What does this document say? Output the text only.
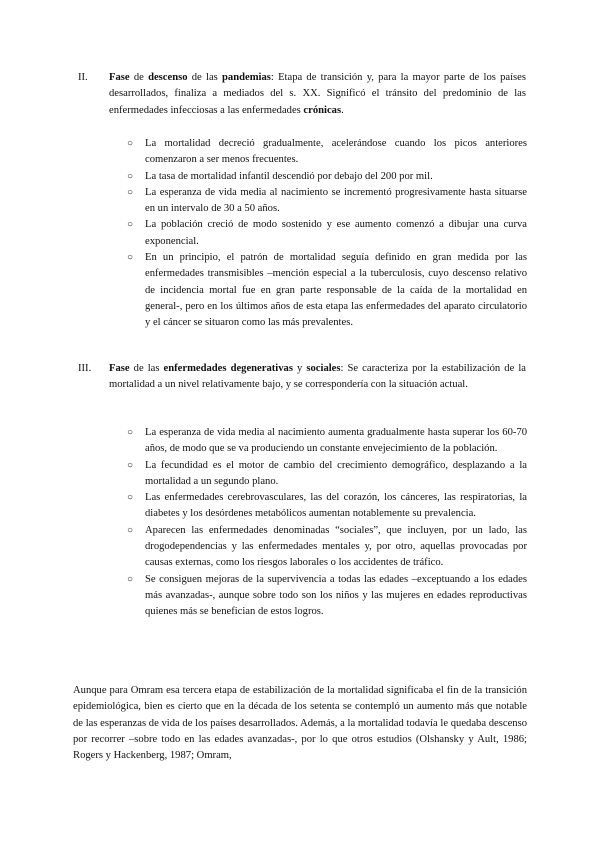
II. Fase de descenso de las pandemias: Etapa de transición y, para la mayor parte de los países desarrollados, finaliza a mediados del s. XX. Significó el tránsito del predominio de las enfermedades infecciosas a las enfermedades crónicas.
○ La mortalidad decreció gradualmente, acelerándose cuando los picos anteriores comenzaron a ser menos frecuentes.
○ La tasa de mortalidad infantil descendió por debajo del 200 por mil.
○ La esperanza de vida media al nacimiento se incrementó progresivamente hasta situarse en un intervalo de 30 a 50 años.
○ La población creció de modo sostenido y ese aumento comenzó a dibujar una curva exponencial.
○ En un principio, el patrón de mortalidad seguía definido en gran medida por las enfermedades transmisibles –mención especial a la tuberculosis, cuyo descenso relativo de incidencia mortal fue en gran parte responsable de la caída de la mortalidad en general-, pero en los últimos años de esta etapa las enfermedades del aparato circulatorio y el cáncer se situaron como las más prevalentes.
III. Fase de las enfermedades degenerativas y sociales: Se caracteriza por la estabilización de la mortalidad a un nivel relativamente bajo, y se correspondería con la situación actual.
○ La esperanza de vida media al nacimiento aumenta gradualmente hasta superar los 60-70 años, de modo que se va produciendo un constante envejecimiento de la población.
○ La fecundidad es el motor de cambio del crecimiento demográfico, desplazando a la mortalidad a un segundo plano.
○ Las enfermedades cerebrovasculares, las del corazón, los cánceres, las respiratorias, la diabetes y los desórdenes metabólicos aumentan notablemente su prevalencia.
○ Aparecen las enfermedades denominadas “sociales”, que incluyen, por un lado, las drogodependencias y las enfermedades mentales y, por otro, aquellas provocadas por causas externas, como los riesgos laborales o los accidentes de tráfico.
○ Se consiguen mejoras de la supervivencia a todas las edades –exceptuando a los edades más avanzadas-, aunque sobre todo son los niños y las mujeres en edades reproductivas quienes más se benefician de estos logros.
Aunque para Omram esa tercera etapa de estabilización de la mortalidad significaba el fin de la transición epidemiológica, bien es cierto que en la década de los setenta se contempló un aumento más que notable de las esperanzas de vida de los países desarrollados. Además, a la mortalidad todavía le quedaba descenso por recorrer –sobre todo en las edades avanzadas-, por lo que otros estudios (Olshansky y Ault, 1986; Rogers y Hackenberg, 1987; Omram,
